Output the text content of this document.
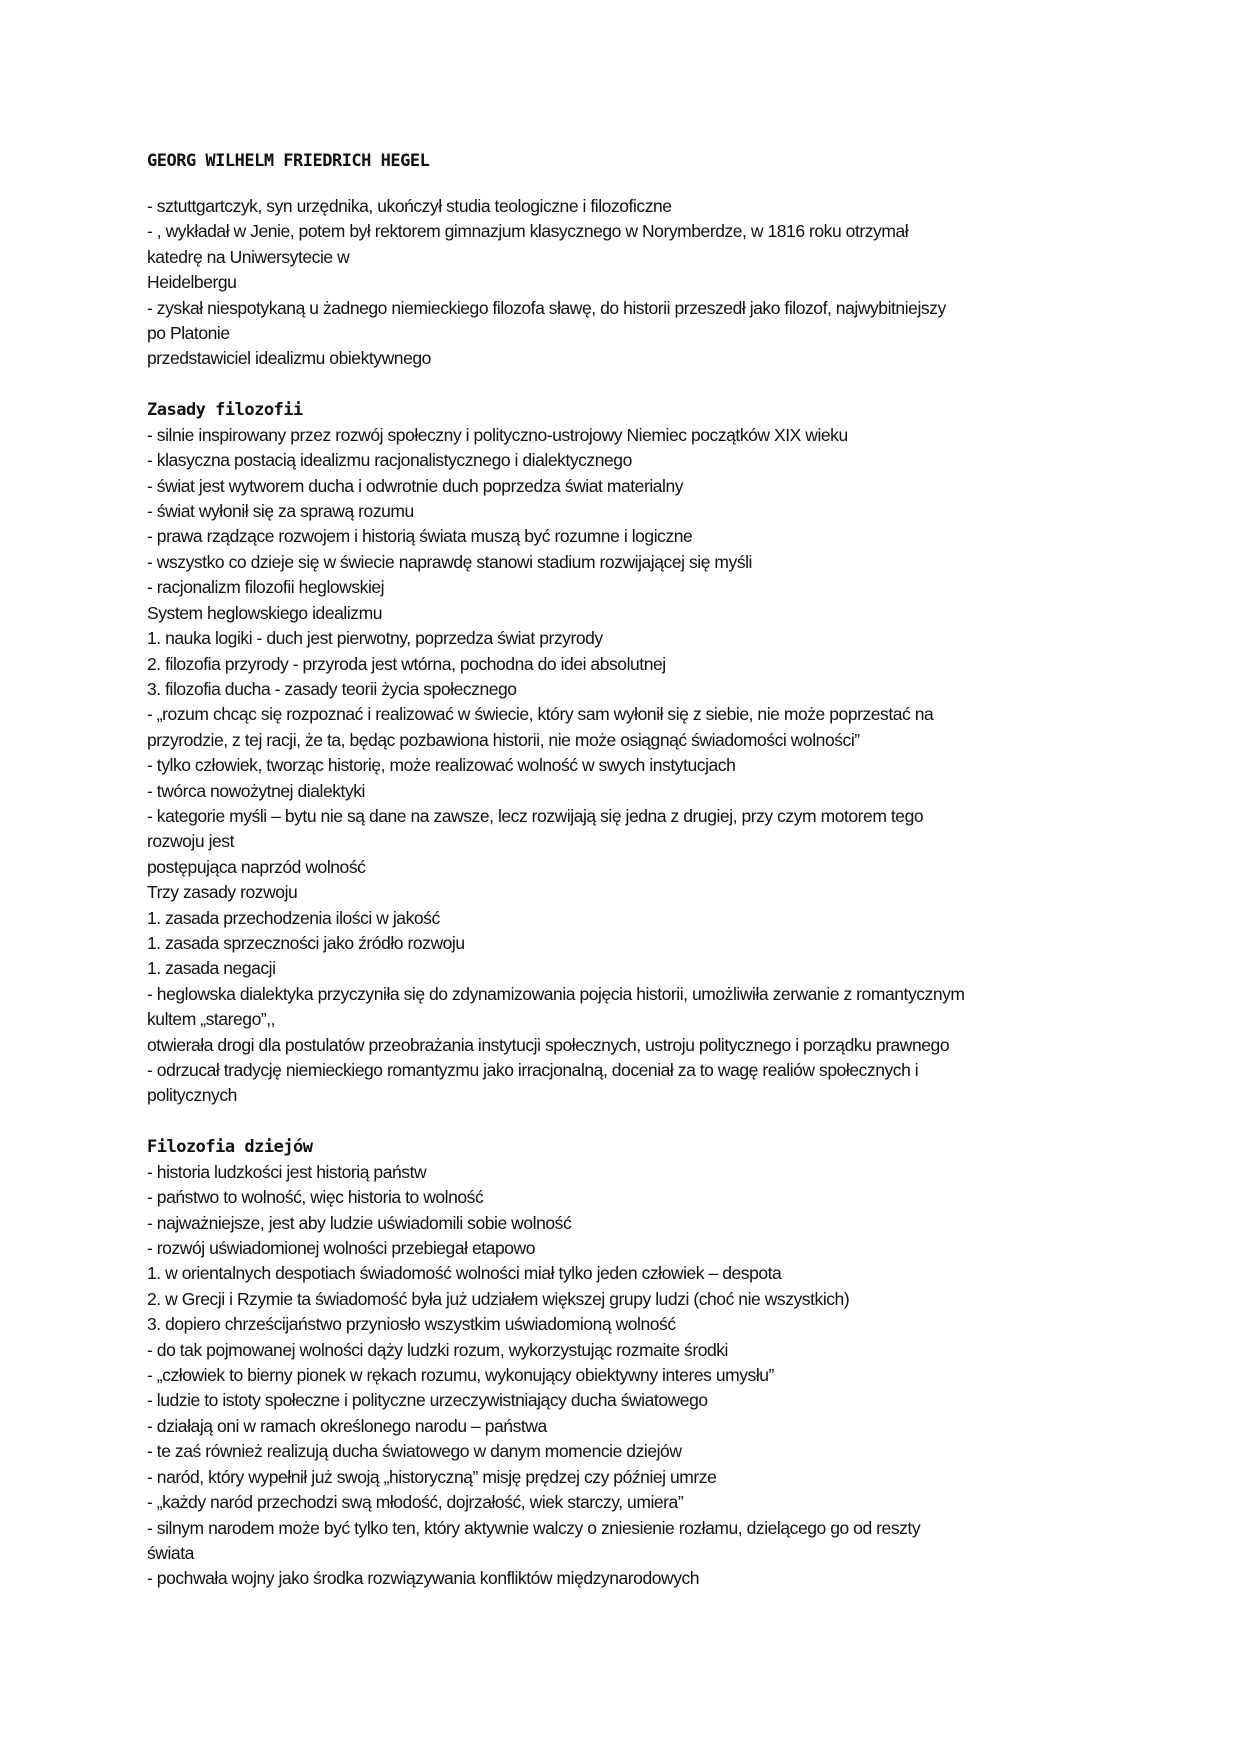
GEORG WILHELM FRIEDRICH HEGEL
- sztuttgartczyk, syn urzędnika, ukończył studia teologiczne i filozoficzne
- , wykładał w Jenie, potem był rektorem gimnazjum klasycznego w Norymberdze, w 1816 roku otrzymał
katedrę na Uniwersytecie w
Heidelbergu
- zyskał niespotykaną u żadnego niemieckiego filozofa sławę, do historii przeszedł jako filozof, najwybitniejszy
po Platonie
przedstawiciel idealizmu obiektywnego
Zasady filozofii
- silnie inspirowany przez rozwój społeczny i polityczno-ustrojowy Niemiec początków XIX wieku
- klasyczna postacią idealizmu racjonalistycznego i dialektycznego
- świat jest wytworem ducha i odwrotnie duch poprzedza świat materialny
- świat wyłonił się za sprawą rozumu
- prawa rządzące rozwojem i historią świata muszą być rozumne i logiczne
- wszystko co dzieje się w świecie naprawdę stanowi stadium rozwijającej się myśli
- racjonalizm filozofii heglowskiej
System heglowskiego idealizmu
1. nauka logiki - duch jest pierwotny, poprzedza świat przyrody
2. filozofia przyrody - przyroda jest wtórna, pochodna do idei absolutnej
3. filozofia ducha - zasady teorii życia społecznego
- „rozum chcąc się rozpoznać i realizować w świecie, który sam wyłonił się z siebie, nie może poprzestać na
przyrodzie, z tej racji, że ta, będąc pozbawiona historii, nie może osiągnąć świadomości wolności”
- tylko człowiek, tworząc historię, może realizować wolność w swych instytucjach
- twórca nowożytnej dialektyki
- kategorie myśli – bytu nie są dane na zawsze, lecz rozwijają się jedna z drugiej, przy czym motorem tego
rozwoju jest
postępująca naprzód wolność
Trzy zasady rozwoju
1. zasada przechodzenia ilości w jakość
1. zasada sprzeczności jako źródło rozwoju
1. zasada negacji
- heglowska dialektyka przyczyniła się do zdynamizowania pojęcia historii, umożliwiła zerwanie z romantycznym
kultem „starego”,,
otwierała drogi dla postulatów przeobrażania instytucji społecznych, ustroju politycznego i porządku prawnego
- odrzucał tradycję niemieckiego romantyzmu jako irracjonalną, doceniał za to wagę realiów społecznych i
politycznych
Filozofia dziejów
- historia ludzkości jest historią państw
- państwo to wolność, więc historia to wolność
- najważniejsze, jest aby ludzie uświadomili sobie wolność
- rozwój uświadomionej wolności przebiegał etapowo
1. w orientalnych despotiach świadomość wolności miał tylko jeden człowiek – despota
2. w Grecji i Rzymie ta świadomość była już udziałem większej grupy ludzi (choć nie wszystkich)
3. dopiero chrześcijaństwo przyniosło wszystkim uświadomioną wolność
- do tak pojmowanej wolności dąży ludzki rozum, wykorzystując rozmaite środki
- „człowiek to bierny pionek w rękach rozumu, wykonujący obiektywny interes umysłu”
- ludzie to istoty społeczne i polityczne urzeczywistniający ducha światowego
- działają oni w ramach określonego narodu – państwa
- te zaś również realizują ducha światowego w danym momencie dziejów
- naród, który wypełnił już swoją „historyczną” misję prędzej czy później umrze
- „każdy naród przechodzi swą młodość, dojrzałość, wiek starczy, umiera”
- silnym narodem może być tylko ten, który aktywnie walczy o zniesienie rozłamu, dzielącego go od reszty
świata
- pochwała wojny jako środka rozwiązywania konfliktów międzynarodowych
